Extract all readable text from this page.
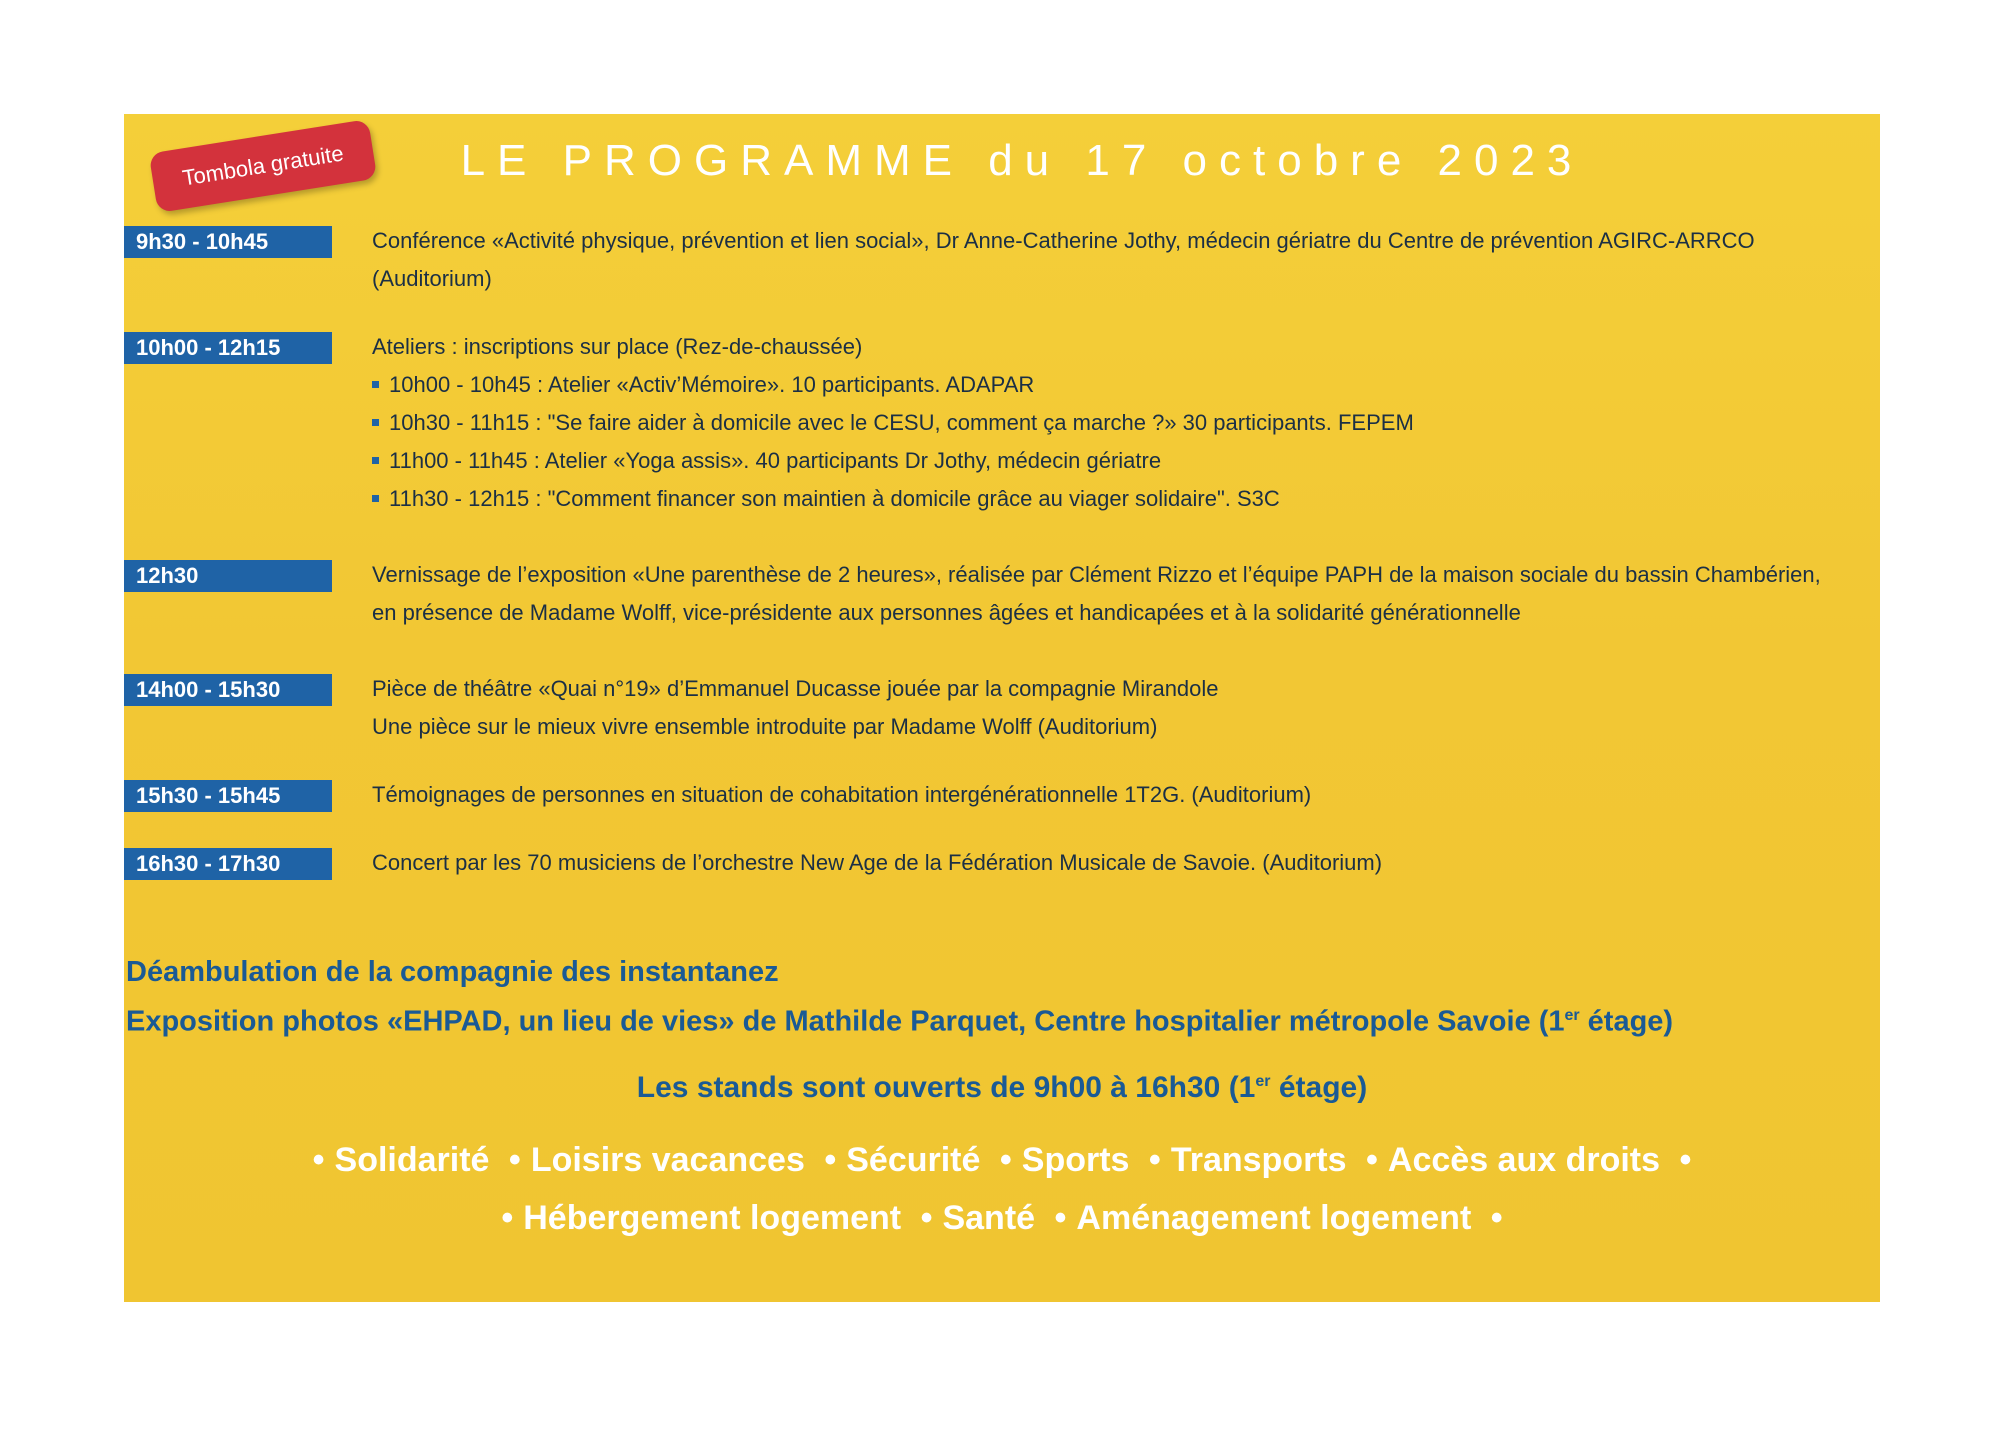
Tombola gratuite	LE PROGRAMME du 17 octobre 2023
9h30 - 10h45	Conférence «Activité physique, prévention et lien social», Dr Anne-Catherine Jothy, médecin gériatre du Centre de prévention AGIRC-ARRCO
(Auditorium)
10h00 - 12h15	Ateliers : inscriptions sur place (Rez-de-chaussée)
10h00 - 10h45 : Atelier «Activ’Mémoire». 10 participants. ADAPAR
10h30 - 11h15 : "Se faire aider à domicile avec le CESU, comment ça marche ?» 30 participants. FEPEM
11h00 - 11h45 : Atelier «Yoga assis». 40 participants Dr Jothy, médecin gériatre
11h30 - 12h15 : "Comment financer son maintien à domicile grâce au viager solidaire". S3C
12h30	Vernissage de l’exposition «Une parenthèse de 2 heures», réalisée par Clément Rizzo et l’équipe PAPH de la maison sociale du bassin Chambérien,
en présence de Madame Wolff, vice-présidente aux personnes âgées et handicapées et à la solidarité générationnelle
14h00 - 15h30	Pièce de théâtre «Quai n°19» d’Emmanuel Ducasse jouée par la compagnie Mirandole
Une pièce sur le mieux vivre ensemble introduite par Madame Wolff (Auditorium)
15h30 - 15h45	Témoignages de personnes en situation de cohabitation intergénérationnelle 1T2G. (Auditorium)
16h30 - 17h30	Concert par les 70 musiciens de l’orchestre New Age de la Fédération Musicale de Savoie. (Auditorium)
Déambulation de la compagnie des instantanez
Exposition photos «EHPAD, un lieu de vies» de Mathilde Parquet, Centre hospitalier métropole Savoie (1er étage)
Les stands sont ouverts de 9h00 à 16h30 (1er étage)
• Solidarité • Loisirs vacances • Sécurité • Sports • Transports • Accès aux droits •
• Hébergement logement • Santé • Aménagement logement •
